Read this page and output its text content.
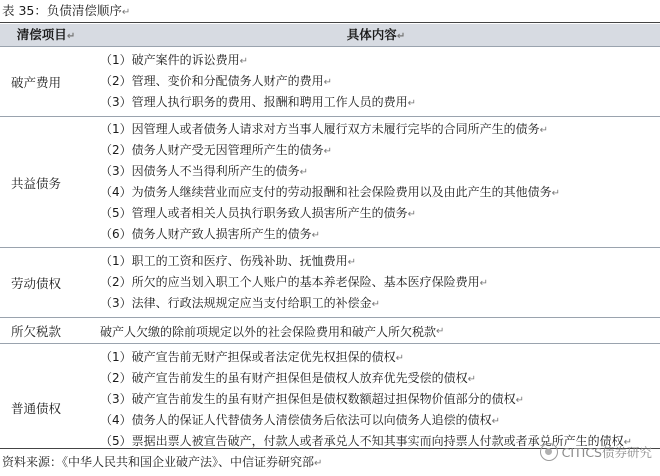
表 35：负债清偿顺序↵
清偿项目↵	具体内容↵
破产费用
（1）破产案件的诉讼费用↵
（2）管理、变价和分配债务人财产的费用↵
（3）管理人执行职务的费用、报酬和聘用工作人员的费用↵
共益债务
（1）因管理人或者债务人请求对方当事人履行双方未履行完毕的合同所产生的债务↵
（2）债务人财产受无因管理所产生的债务↵
（3）因债务人不当得利所产生的债务↵
（4）为债务人继续营业而应支付的劳动报酬和社会保险费用以及由此产生的其他债务↵
（5）管理人或者相关人员执行职务致人损害所产生的债务↵
（6）债务人财产致人损害所产生的债务↵
劳动债权
（1）职工的工资和医疗、伤残补助、抚恤费用↵
（2）所欠的应当划入职工个人账户的基本养老保险、基本医疗保险费用↵
（3）法律、行政法规规定应当支付给职工的补偿金↵
所欠税款	破产人欠缴的除前项规定以外的社会保险费用和破产人所欠税款 ↵
普通债权
（1）破产宣告前无财产担保或者法定优先权担保的债权↵
（2）破产宣告前发生的虽有财产担保但是债权人放弃优先受偿的债权↵
（3）破产宣告前发生的虽有财产担保但是债权数额超过担保物价值部分的债权↵
（4）债务人的保证人代替债务人清偿债务后依法可以向债务人追偿的债权↵
（5）票据出票人被宣告破产，付款人或者承兑人不知其事实而向持票人付款或者承兑所产生的债权↵
资料来源：《中华人民共和国企业破产法》、中信证券研究部↵
CITICS债券研究
